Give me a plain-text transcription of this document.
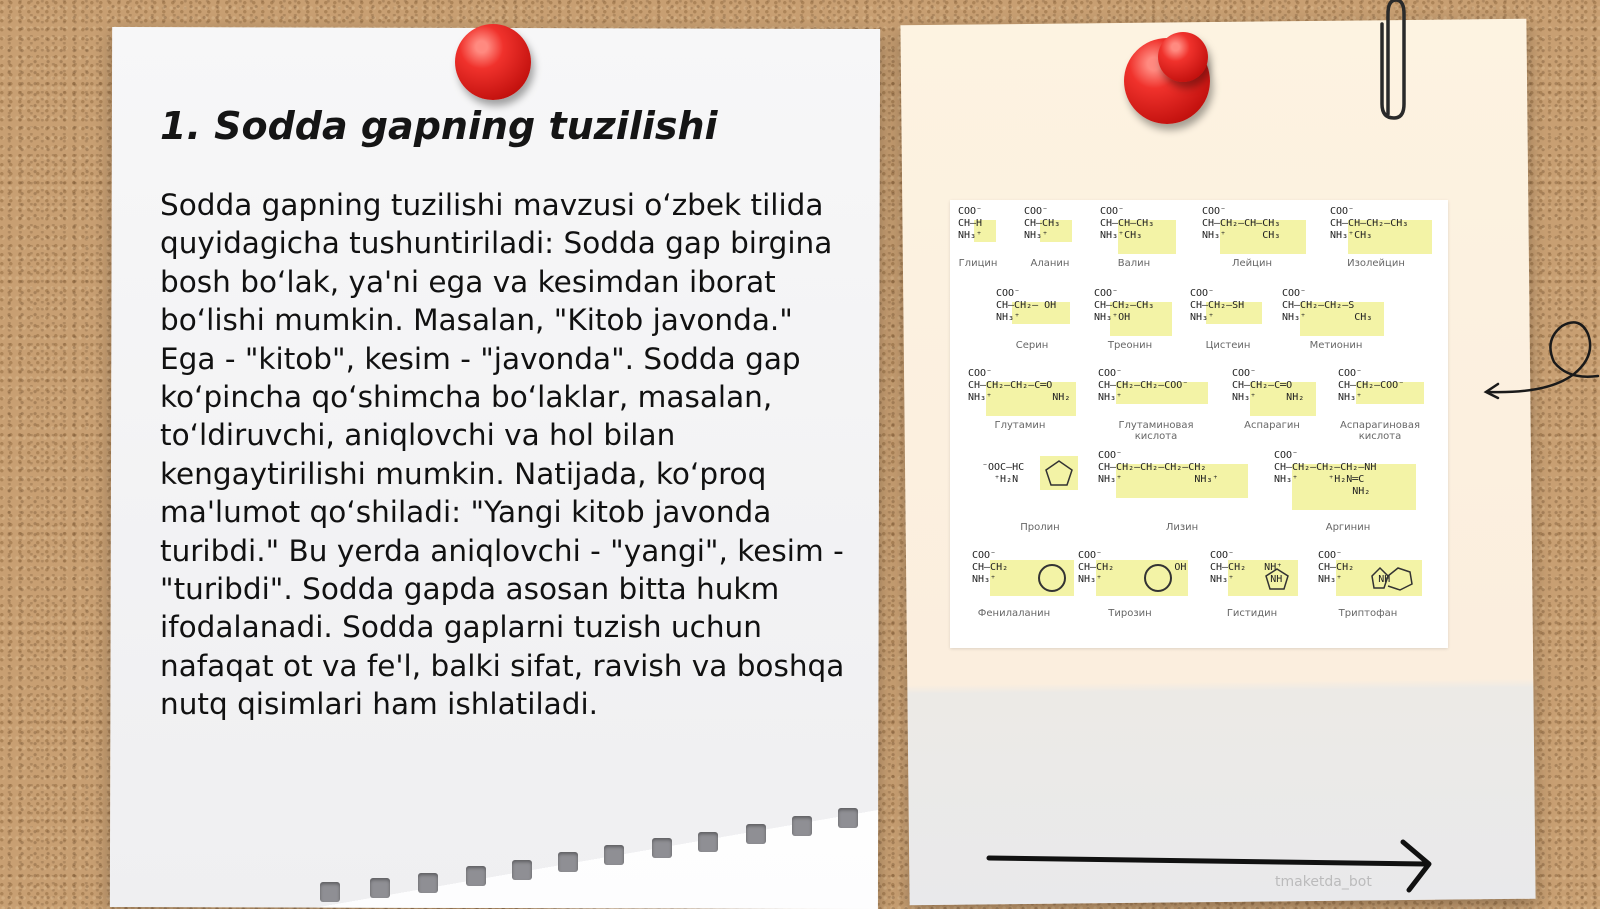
1. Sodda gapning tuzilishi

Sodda gapning tuzilishi mavzusi oʻzbek tilida quyidagicha tushuntiriladi: Sodda gap birgina bosh boʻlak, ya'ni ega va kesimdan iborat boʻlishi mumkin. Masalan, "Kitob javonda." Ega - "kitob", kesim - "javonda". Sodda gap koʻpincha qoʻshimcha boʻlaklar, masalan, toʻldiruvchi, aniqlovchi va hol bilan kengaytirilishi mumkin. Natijada, koʻproq ma'lumot qoʻshiladi: "Yangi kitob javonda turibdi." Bu yerda aniqlovchi - "yangi", kesim - "turibdi". Sodda gapda asosan bitta hukm ifodalanadi. Sodda gaplarni tuzish uchun nafaqat ot va fe'l, balki sifat, ravish va boshqa nutq qisimlari ham ishlatiladi.

COO⁻
CH—H
NH₃⁺
Глицин
COO⁻
CH—CH₃
NH₃⁺
Аланин
COO⁻
CH—CH—CH₃
NH₃⁺CH₃
Валин
COO⁻
CH—CH₂—CH—CH₃
NH₃⁺      CH₃
Лейцин
COO⁻
CH—CH—CH₂—CH₃
NH₃⁺CH₃
Изолейцин
COO⁻
CH—CH₂— OH
NH₃⁺
Серин
COO⁻
CH—CH₂—CH₃
NH₃⁺OH
Треонин
COO⁻
CH—CH₂—SH
NH₃⁺
Цистеин
COO⁻
CH—CH₂—CH₂—S
NH₃⁺        CH₃
Метионин
COO⁻
CH—CH₂—CH₂—C═O
NH₃⁺          NH₂
Глутамин
COO⁻
CH—CH₂—CH₂—COO⁻
NH₃⁺
Глутаминовая кислота
COO⁻
CH—CH₂—C═O
NH₃⁺     NH₂
Аспарагин
COO⁻
CH—CH₂—COO⁻
NH₃⁺
Аспарагиновая кислота
⁻OOC—HC
⁺H₂N
Пролин
COO⁻
CH—CH₂—CH₂—CH₂—CH₂
NH₃⁺            NH₃⁺
Лизин
COO⁻
CH—CH₂—CH₂—CH₂—NH
NH₃⁺     ⁺H₂N═C
NH₂
Аргинин
COO⁻
CH—CH₂
NH₃⁺
Фенилаланин
COO⁻
CH—CH₂          OH
NH₃⁺
Тирозин
COO⁻
CH—CH₂   NH⁺
NH₃⁺      NH
Гистидин
COO⁻
CH—CH₂
NH₃⁺      NH
Триптофан
tmaketda_bot
